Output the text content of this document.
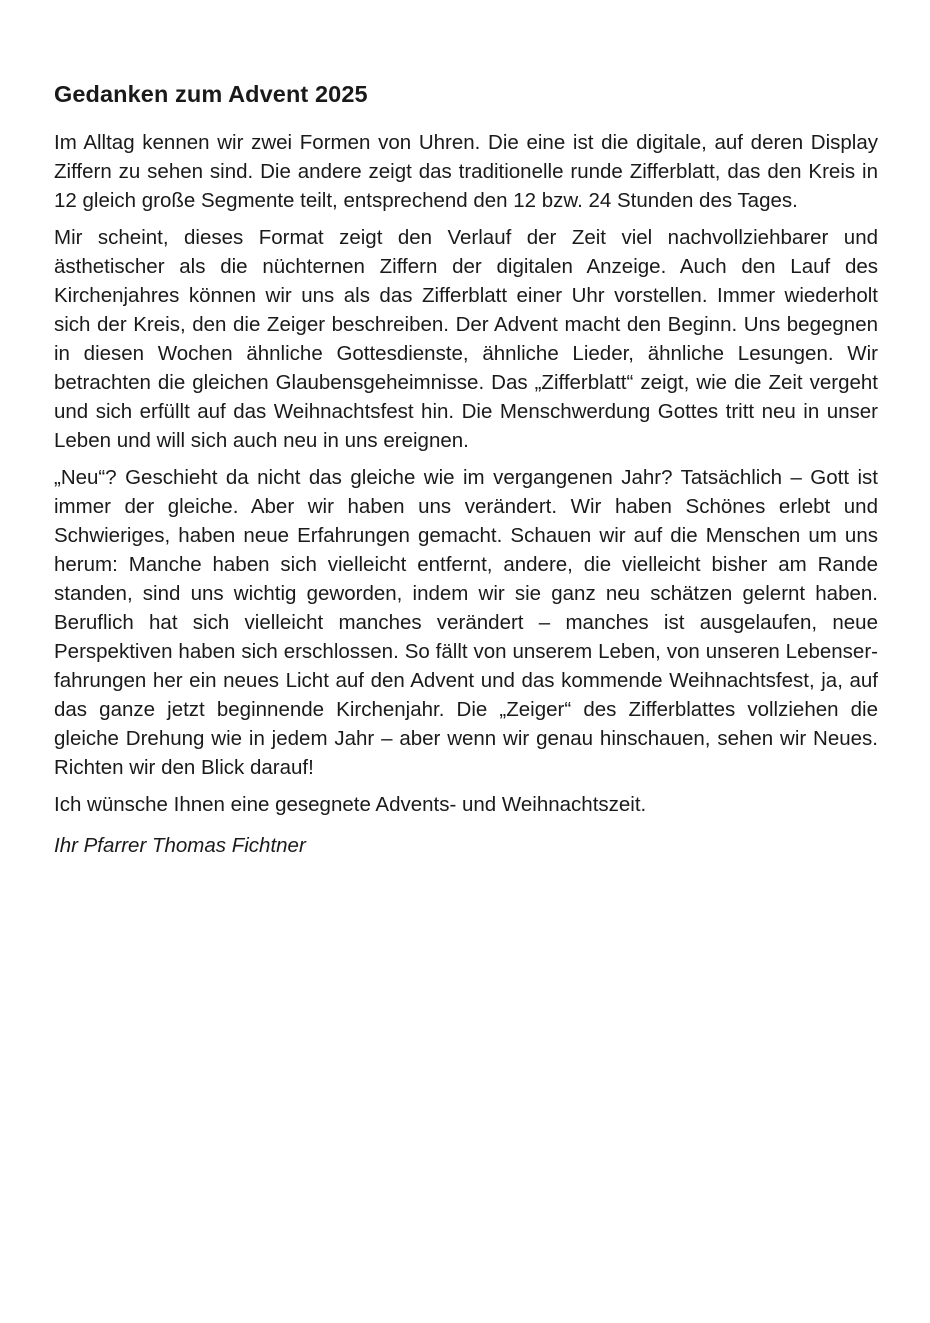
Gedanken zum Advent 2025

Im Alltag kennen wir zwei Formen von Uhren. Die eine ist die digitale, auf deren Display Ziffern zu sehen sind. Die andere zeigt das traditionelle runde Zifferblatt, das den Kreis in 12 gleich große Segmente teilt, entsprechend den 12 bzw. 24 Stunden des Tages.

Mir scheint, dieses Format zeigt den Verlauf der Zeit viel nachvollziehbarer und ästhetischer als die nüchternen Ziffern der digitalen Anzeige. Auch den Lauf des Kirchenjahres können wir uns als das Zifferblatt einer Uhr vorstellen. Immer wiederholt sich der Kreis, den die Zeiger beschreiben. Der Advent macht den Beginn. Uns begegnen in diesen Wochen ähnliche Gottesdienste, ähnliche Lieder, ähnliche Lesungen. Wir betrachten die gleichen Glaubensgeheimnisse. Das „Zifferblatt“ zeigt, wie die Zeit vergeht und sich erfüllt auf das Weihnachtsfest hin. Die Menschwerdung Gottes tritt neu in unser Leben und will sich auch neu in uns ereignen.

„Neu“? Geschieht da nicht das gleiche wie im vergangenen Jahr? Tatsächlich – Gott ist immer der gleiche. Aber wir haben uns verändert. Wir haben Schönes erlebt und Schwieriges, haben neue Erfahrungen gemacht. Schauen wir auf die Menschen um uns herum: Manche haben sich vielleicht entfernt, andere, die vielleicht bisher am Rande standen, sind uns wichtig geworden, indem wir sie ganz neu schätzen gelernt haben. Beruflich hat sich vielleicht manches verändert – manches ist ausgelaufen, neue Perspektiven haben sich erschlossen. So fällt von unserem Leben, von unseren Lebenser-fahrungen her ein neues Licht auf den Advent und das kommende Weihnachtsfest, ja, auf das ganze jetzt beginnende Kirchenjahr. Die „Zeiger“ des Zifferblattes vollziehen die gleiche Drehung wie in jedem Jahr – aber wenn wir genau hinschauen, sehen wir Neues. Richten wir den Blick darauf!

Ich wünsche Ihnen eine gesegnete Advents- und Weihnachtszeit.

Ihr Pfarrer Thomas Fichtner
